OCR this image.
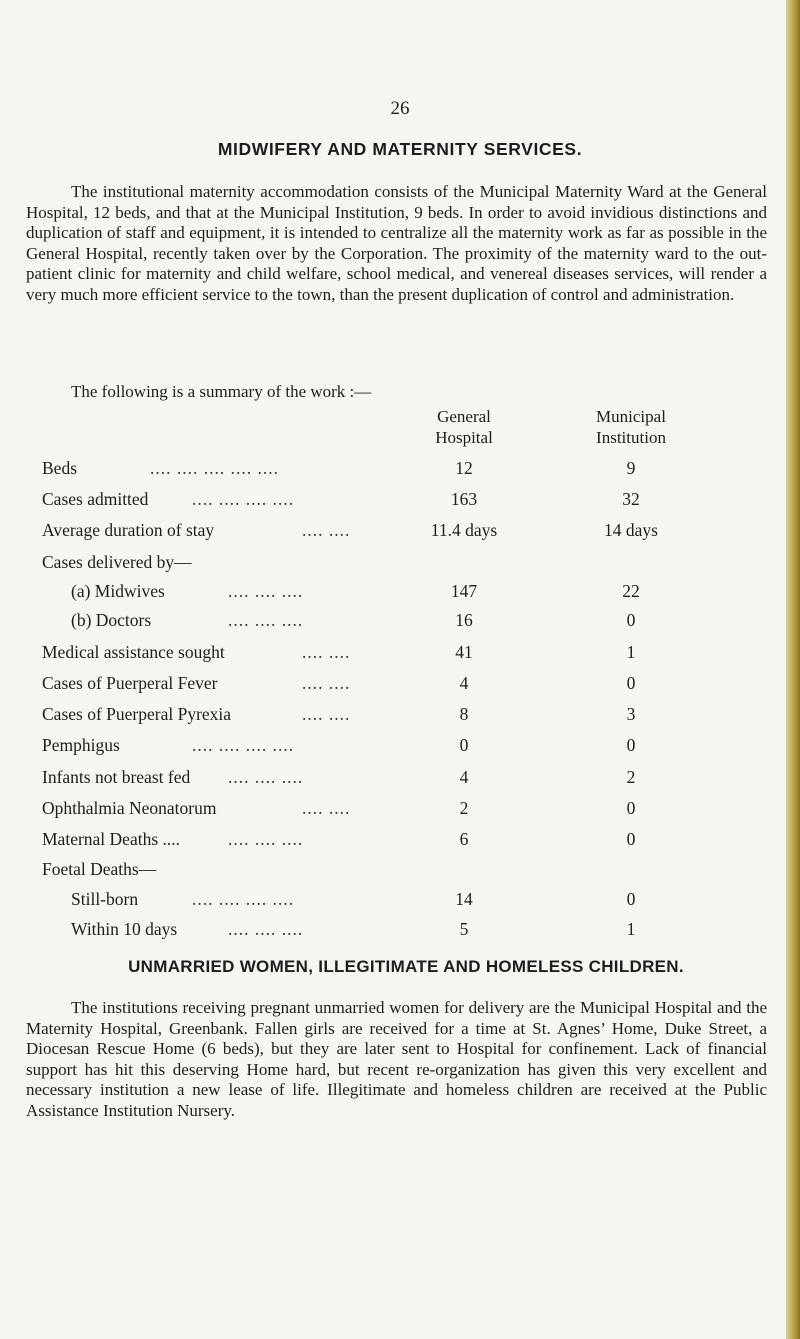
26
MIDWIFERY AND MATERNITY SERVICES.

The institutional maternity accommodation consists of the Municipal Maternity Ward at the General Hospital, 12 beds, and that at the Municipal Institution, 9 beds. In order to avoid invidious distinctions and duplication of staff and equipment, it is intended to centralize all the maternity work as far as possible in the General Hospital, recently taken over by the Corporation. The proximity of the maternity ward to the out-patient clinic for maternity and child welfare, school medical, and venereal diseases services, will render a very much more efficient service to the town, than the present duplication of control and administration.

The following is a summary of the work :—

General
Hospital
Municipal
Institution
Beds	.... .... .... .... ....	12	9
Cases admitted .... .... .... ....	163	32
Average duration of stay	.... ....	11.4 days	14 days
Cases delivered by—
(a) Midwives	.... .... ....	147	22
(b) Doctors	.... .... ....	16	0
Medical assistance sought	.... ....	41	1
Cases of Puerperal Fever	.... ....	4	0
Cases of Puerperal Pyrexia	.... ....	8	3
Pemphigus	.... .... .... ....	0	0
Infants not breast fed .... .... ....	4	2
Ophthalmia Neonatorum	.... ....	2	0
Maternal Deaths ....	.... .... ....	6	0
Foetal Deaths—
Still-born	.... .... .... ....	14	0
Within 10 days	.... .... ....	5	1
UNMARRIED WOMEN, ILLEGITIMATE AND HOMELESS CHILDREN.

The institutions receiving pregnant unmarried women for delivery are the Municipal Hospital and the Maternity Hospital, Greenbank. Fallen girls are received for a time at St. Agnes’ Home, Duke Street, a Diocesan Rescue Home (6 beds), but they are later sent to Hospital for confinement. Lack of financial support has hit this deserving Home hard, but recent re-organization has given this very excellent and necessary institution a new lease of life. Illegitimate and homeless children are received at the Public Assistance Institution Nursery.
